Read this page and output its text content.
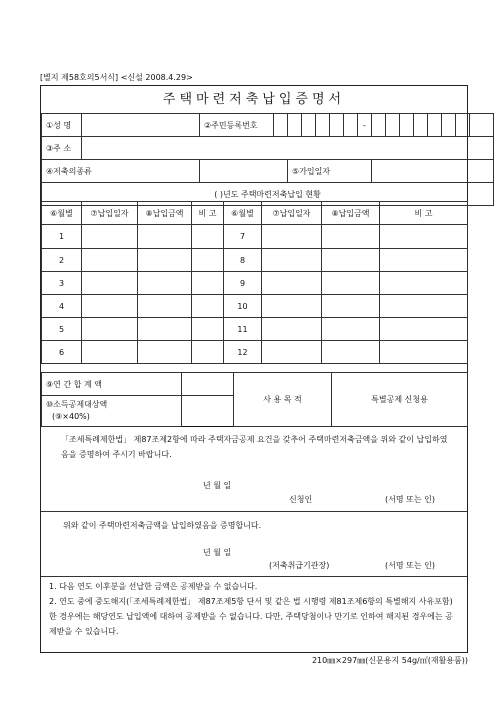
[별지 제58호의5서식] <신설 2008.4.29>
주택마련저축납입증명서
①성 명		②주민등록번호							-									
③주 소																		
④저축의종류				⑤가입일자														
( )년도 주택마련저축납입 현황																		
⑥월별	⑦납입일자	⑧납입금액	비 고	⑥월별	⑦납입일자	⑧납입금액	비 고
1				7			
2				8			
3				9			
4				10			
5				11			
6				12			
⑨연 간 합 계 액		사 용 목 적	특별공제 신청용

⑩소득공제대상액
(⑨×40%)			

「조세특례제한법」 제87조제2항에 따라 주택자금공제 요건을 갖추어 주택마련저축금액을 위와 같이 납입하였음을 증명하여 주시기 바랍니다.
년 월 일
신청인	(서명 또는 인)
위와 같이 주택마련저축금액을 납입하였음을 증명합니다.
년 월 일
(저축취급기관장)	(서명 또는 인)
1. 다음 연도 이후분을 선납한 금액은 공제받을 수 없습니다.
2. 연도 중에 중도해지(「조세특례제한법」 제87조제5항 단서 및 같은 법 시행령 제81조제6항의 특별해지 사유포함)한 경우에는 해당연도 납입액에 대하여 공제받을 수 없습니다. 다만, 주택당첨이나 만기로 인하여 해지된 경우에는 공제받을 수 있습니다.
210㎜×297㎜(신문용지 54g/㎡(재활용품))
